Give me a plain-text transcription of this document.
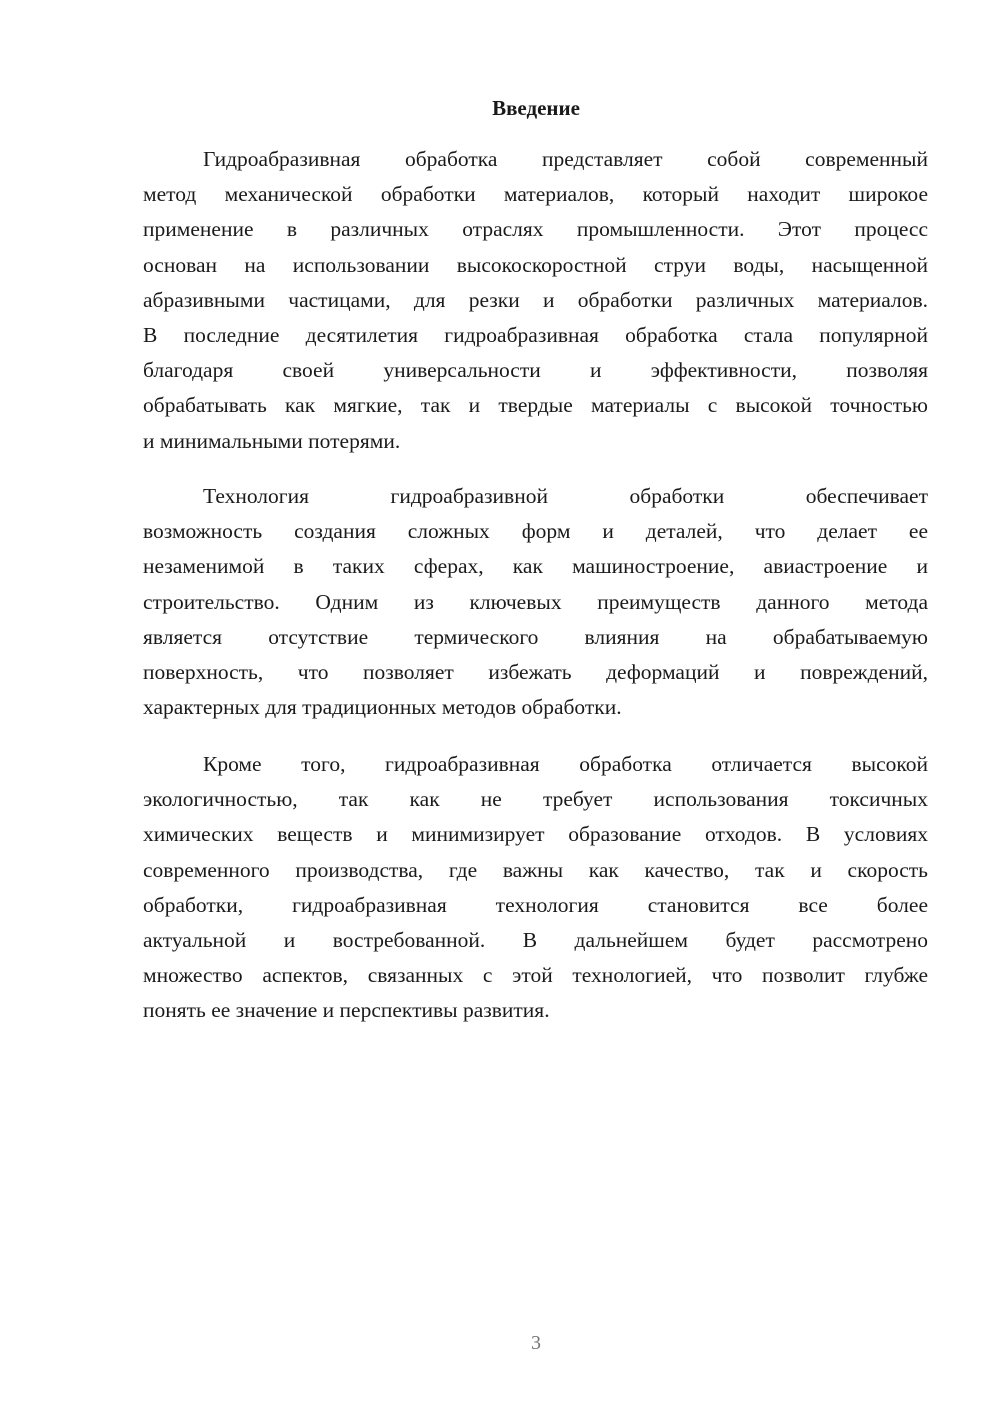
Введение
Гидроабразивная обработка представляет собой современный
метод механической обработки материалов, который находит широкое
применение в различных отраслях промышленности. Этот процесс
основан на использовании высокоскоростной струи воды, насыщенной
абразивными частицами, для резки и обработки различных материалов.
В последние десятилетия гидроабразивная обработка стала популярной
благодаря своей универсальности и эффективности, позволяя
обрабатывать как мягкие, так и твердые материалы с высокой точностью
и минимальными потерями.
Технология гидроабразивной обработки обеспечивает
возможность создания сложных форм и деталей, что делает ее
незаменимой в таких сферах, как машиностроение, авиастроение и
строительство. Одним из ключевых преимуществ данного метода
является отсутствие термического влияния на обрабатываемую
поверхность, что позволяет избежать деформаций и повреждений,
характерных для традиционных методов обработки.
Кроме того, гидроабразивная обработка отличается высокой
экологичностью, так как не требует использования токсичных
химических веществ и минимизирует образование отходов. В условиях
современного производства, где важны как качество, так и скорость
обработки, гидроабразивная технология становится все более
актуальной и востребованной. В дальнейшем будет рассмотрено
множество аспектов, связанных с этой технологией, что позволит глубже
понять ее значение и перспективы развития.
3
